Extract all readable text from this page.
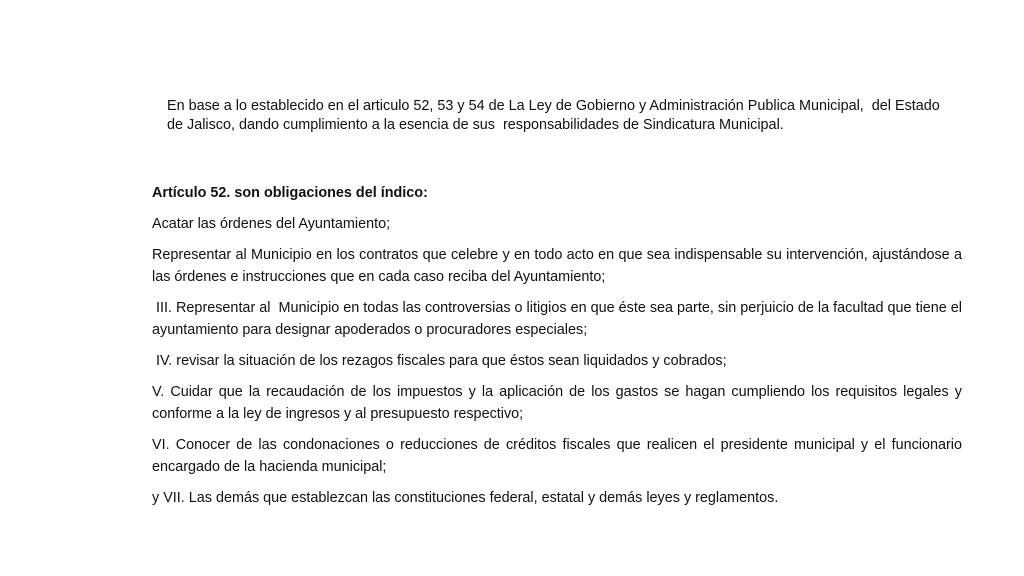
En base a lo establecido en el articulo 52, 53 y 54 de La Ley de Gobierno y Administración Publica Municipal,  del Estado de Jalisco, dando cumplimiento a la esencia de sus  responsabilidades de Sindicatura Municipal.

Artículo 52. son obligaciones del índico:

Acatar las órdenes del Ayuntamiento;

Representar al Municipio en los contratos que celebre y en todo acto en que sea indispensable su intervención, ajustándose a las órdenes e instrucciones que en cada caso reciba del Ayuntamiento;

III. Representar al  Municipio en todas las controversias o litigios en que éste sea parte, sin perjuicio de la facultad que tiene el ayuntamiento para designar apoderados o procuradores especiales;

IV. revisar la situación de los rezagos fiscales para que éstos sean liquidados y cobrados;

V. Cuidar que la recaudación de los impuestos y la aplicación de los gastos se hagan cumpliendo los requisitos legales y conforme a la ley de ingresos y al presupuesto respectivo;

VI. Conocer de las condonaciones o reducciones de créditos fiscales que realicen el presidente municipal y el funcionario encargado de la hacienda municipal;

y VII. Las demás que establezcan las constituciones federal, estatal y demás leyes y reglamentos.
